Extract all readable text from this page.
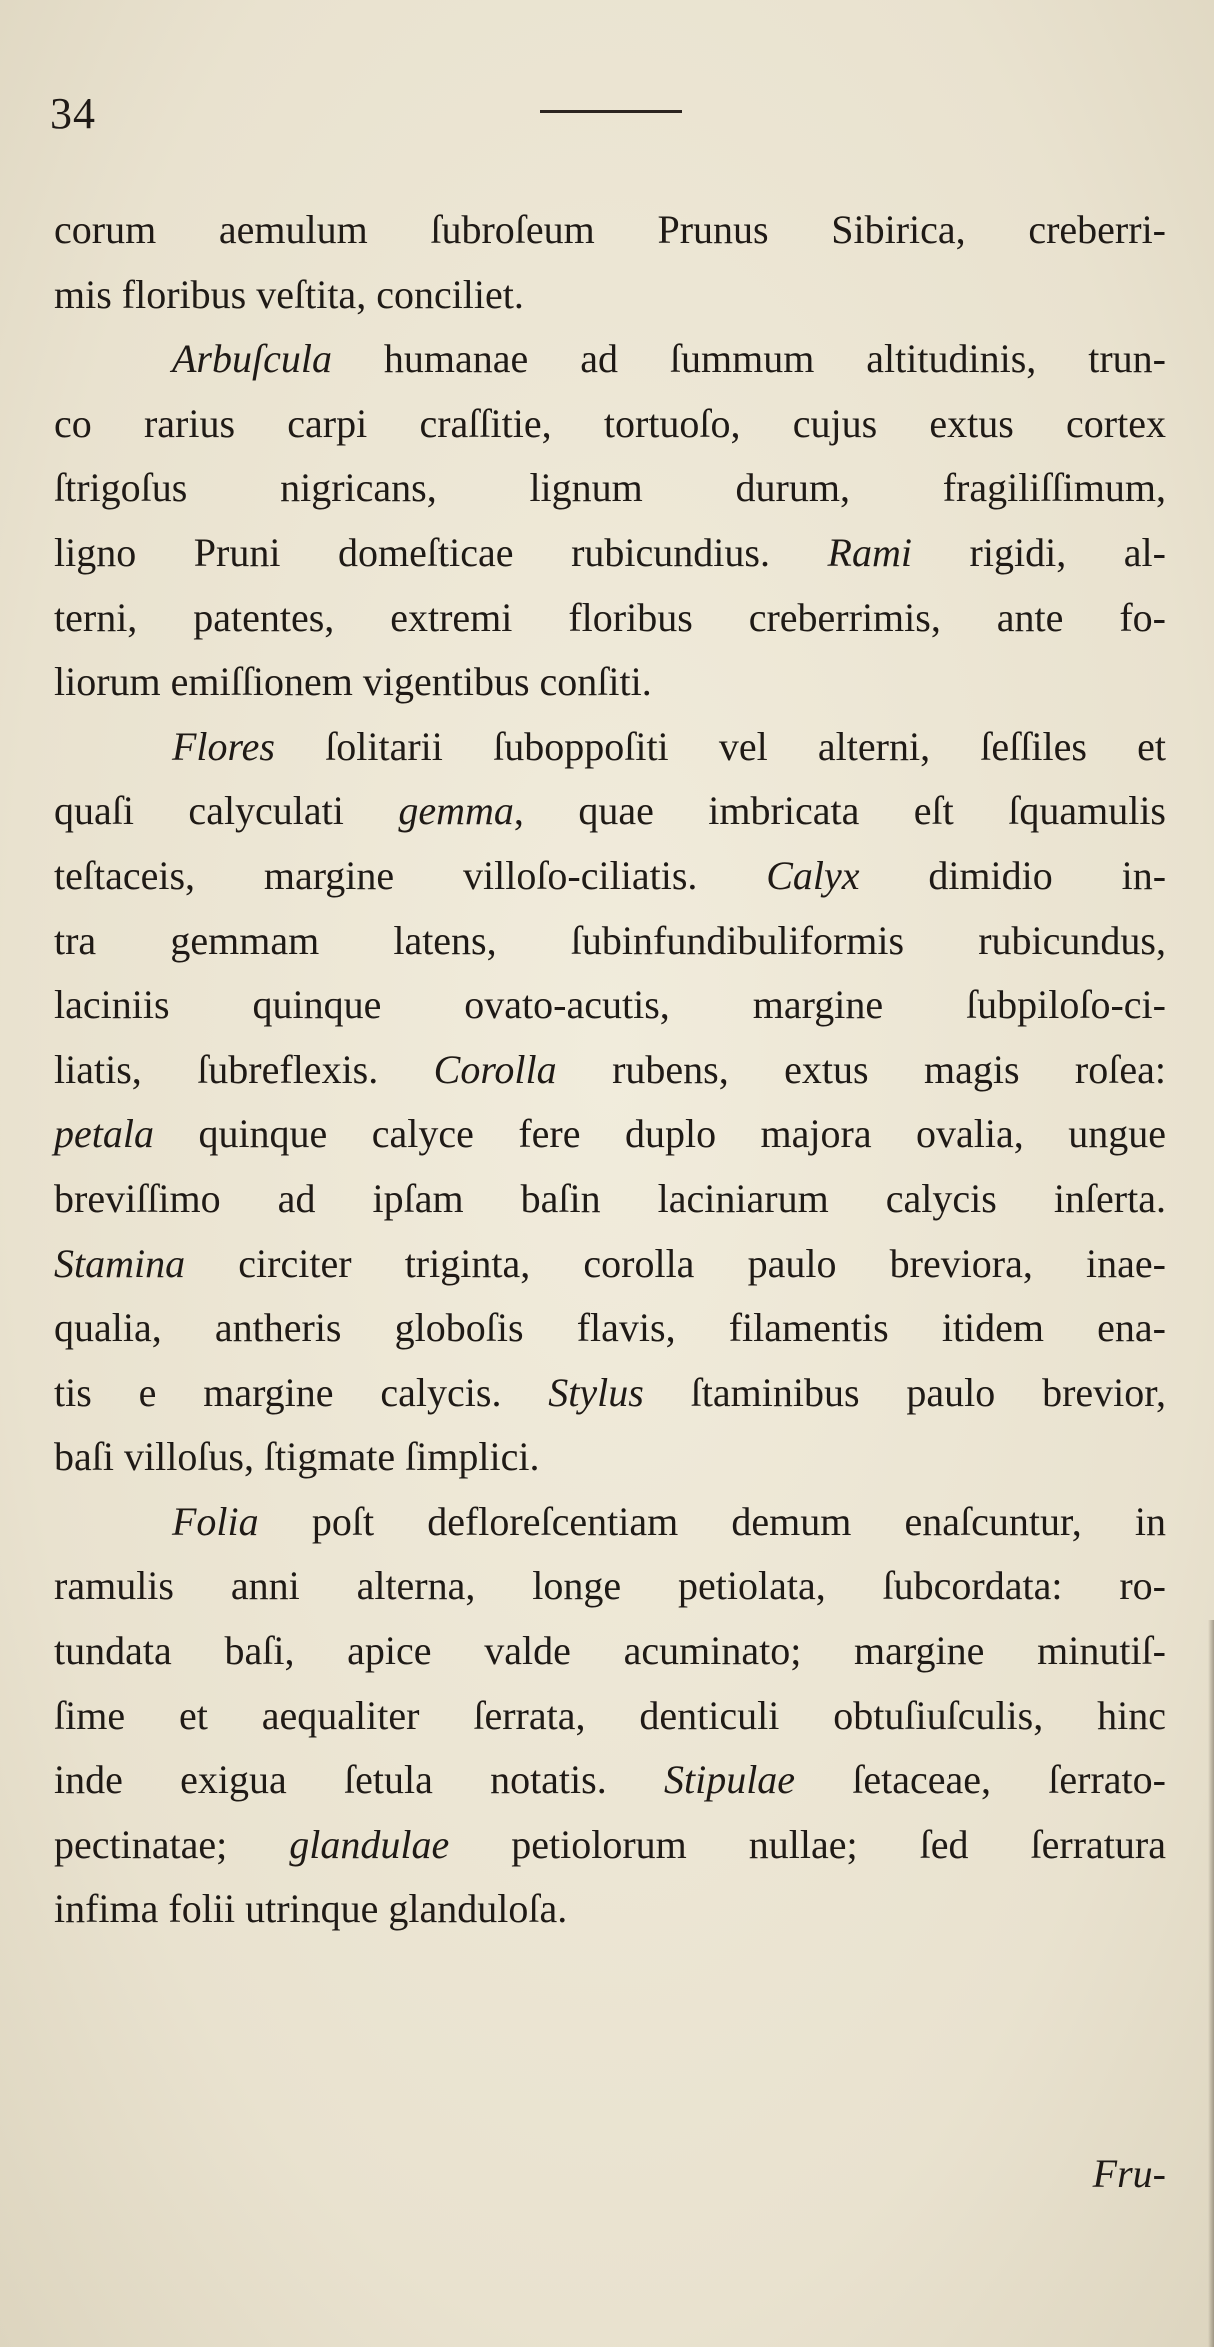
34
corum aemulum ſubroſeum Prunus Sibirica, creberri-
mis floribus veſtita, conciliet.
Arbuſcula humanae ad ſummum altitudinis, trun-
co rarius carpi craſſitie, tortuoſo, cujus extus cortex
ſtrigoſus nigricans, lignum durum, fragiliſſimum,
ligno Pruni domeſticae rubicundius. Rami rigidi, al-
terni, patentes, extremi floribus creberrimis, ante fo-
liorum emiſſionem vigentibus conſiti.
Flores ſolitarii ſuboppoſiti vel alterni, ſeſſiles et
quaſi calyculati gemma, quae imbricata eſt ſquamulis
teſtaceis, margine villoſo-ciliatis. Calyx dimidio in-
tra gemmam latens, ſubinfundibuliformis rubicundus,
laciniis quinque ovato-acutis, margine ſubpiloſo-ci-
liatis, ſubreflexis. Corolla rubens, extus magis roſea:
petala quinque calyce fere duplo majora ovalia, ungue
breviſſimo ad ipſam baſin laciniarum calycis inſerta.
Stamina circiter triginta, corolla paulo breviora, inae-
qualia, antheris globoſis flavis, filamentis itidem ena-
tis e margine calycis. Stylus ſtaminibus paulo brevior,
baſi villoſus, ſtigmate ſimplici.
Folia poſt defloreſcentiam demum enaſcuntur, in
ramulis anni alterna, longe petiolata, ſubcordata: ro-
tundata baſi, apice valde acuminato; margine minutiſ-
ſime et aequaliter ſerrata, denticuli obtuſiuſculis, hinc
inde exigua ſetula notatis. Stipulae ſetaceae, ſerrato-
pectinatae; glandulae petiolorum nullae; ſed ſerratura
infima folii utrinque glanduloſa.
Fru-
